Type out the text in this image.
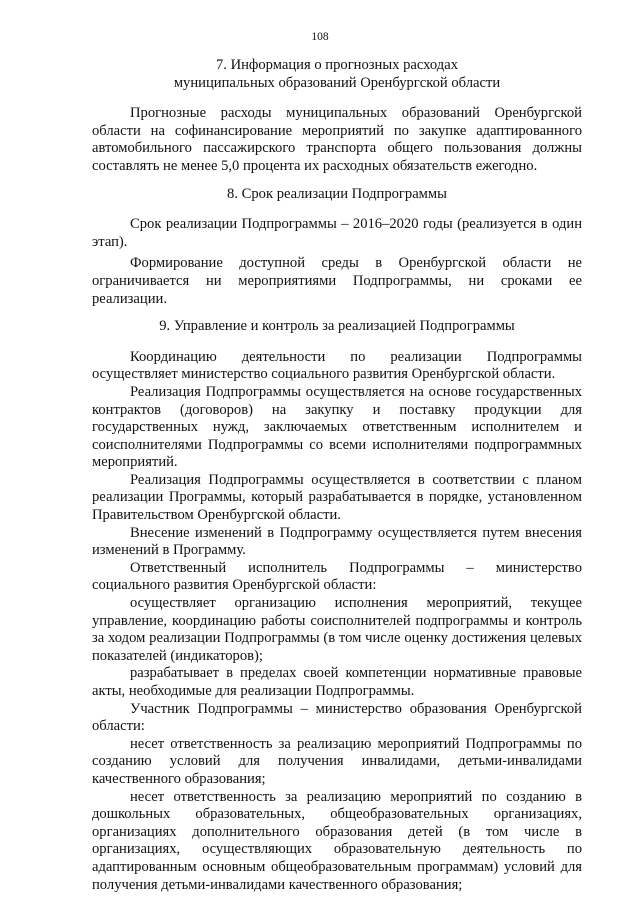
108
7. Информация о прогнозных расходах
муниципальных образований Оренбургской области

Прогнозные расходы муниципальных образований Оренбургской области на софинансирование мероприятий по закупке адаптированного автомобильного пассажирского транспорта общего пользования должны составлять не менее 5,0 процента их расходных обязательств ежегодно.

8. Срок реализации Подпрограммы

Срок реализации Подпрограммы – 2016–2020 годы (реализуется в один этап).

Формирование доступной среды в Оренбургской области не ограничивается ни мероприятиями Подпрограммы, ни сроками ее реализации.

9. Управление и контроль за реализацией Подпрограммы

Координацию деятельности по реализации Подпрограммы осуществляет министерство социального развития Оренбургской области.

Реализация Подпрограммы осуществляется на основе государственных контрактов (договоров) на закупку и поставку продукции для государственных нужд, заключаемых ответственным исполнителем и соисполнителями Подпрограммы со всеми исполнителями подпрограммных мероприятий.

Реализация Подпрограммы осуществляется в соответствии с планом реализации Программы, который разрабатывается в порядке, установленном Правительством Оренбургской области.

Внесение изменений в Подпрограмму осуществляется путем внесения изменений в Программу.

Ответственный исполнитель Подпрограммы – министерство социального развития Оренбургской области:

осуществляет организацию исполнения мероприятий, текущее управление, координацию работы соисполнителей подпрограммы и контроль за ходом реализации Подпрограммы (в том числе оценку достижения целевых показателей (индикаторов);

разрабатывает в пределах своей компетенции нормативные правовые акты, необходимые для реализации Подпрограммы.

Участник Подпрограммы – министерство образования Оренбургской области:

несет ответственность за реализацию мероприятий Подпрограммы по созданию условий для получения инвалидами, детьми-инвалидами качественного образования;

несет ответственность за реализацию мероприятий по созданию в дошкольных образовательных, общеобразовательных организациях, организациях дополнительного образования детей (в том числе в организациях, осуществляющих образовательную деятельность по адаптированным основным общеобразовательным программам) условий для получения детьми-инвалидами качественного образования;
